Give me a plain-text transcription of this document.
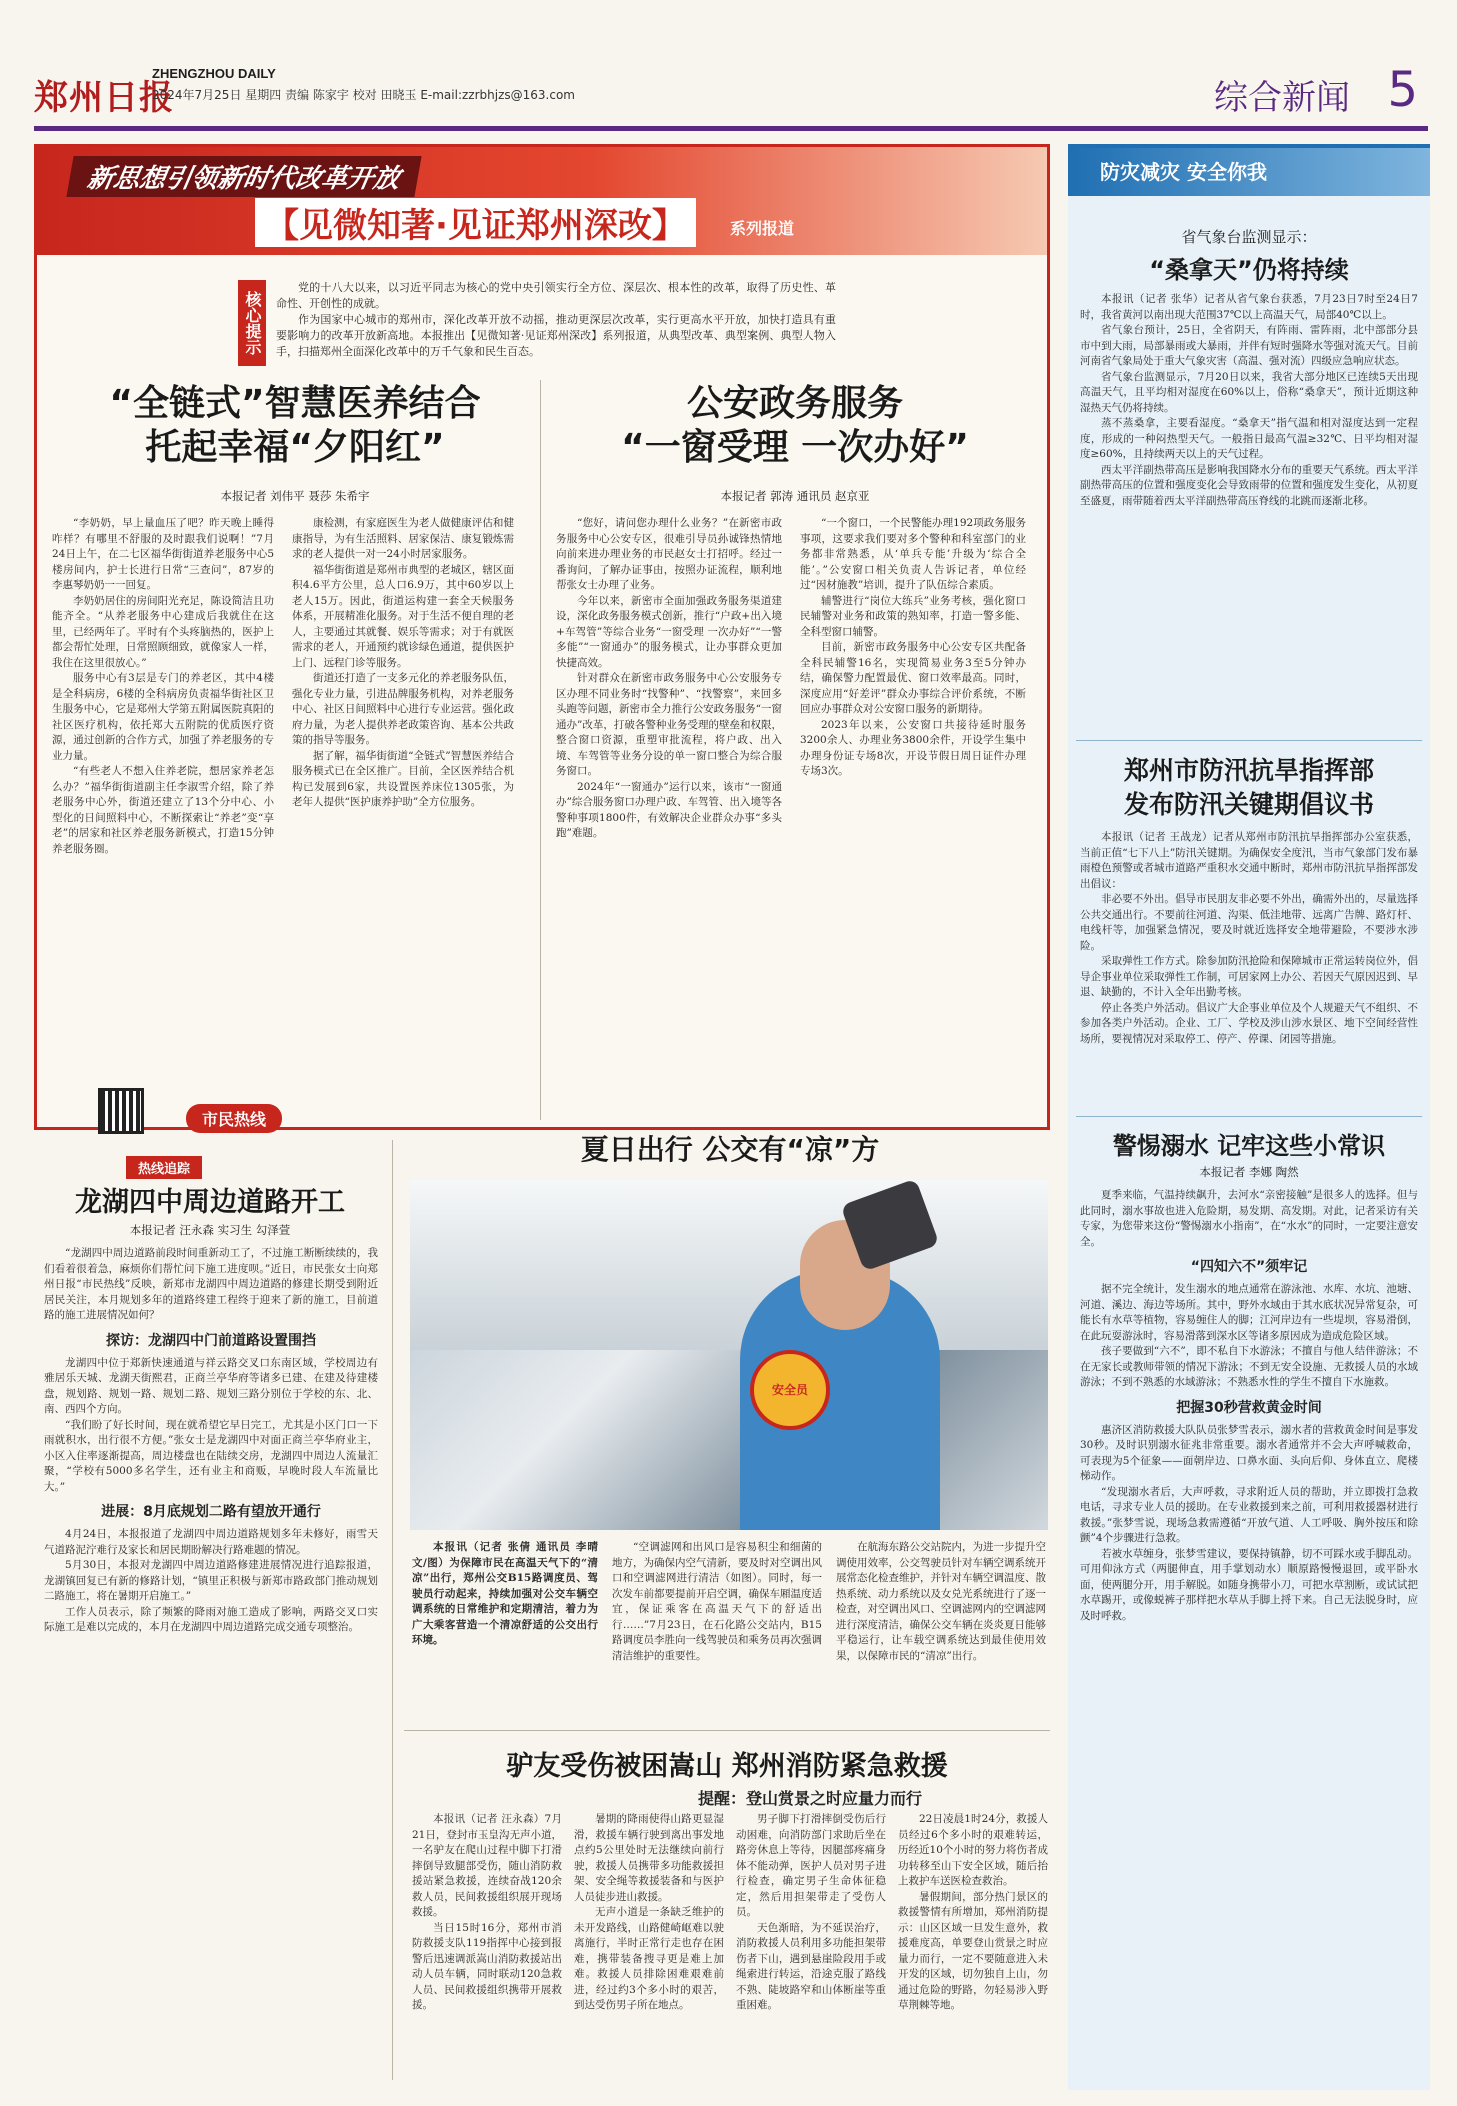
郑州日报
ZHENGZHOU DAILY
2024年7月25日 星期四 责编 陈家宇 校对 田晓玉 E-mail:zzrbhjzs@163.com	综合新闻 5
新思想引领新时代改革开放
【见微知著·见证郑州深改】	系列报道
核心提示

党的十八大以来，以习近平同志为核心的党中央引领实行全方位、深层次、根本性的改革，取得了历史性、革命性、开创性的成就。

作为国家中心城市的郑州市，深化改革开放不动摇，推动更深层次改革，实行更高水平开放，加快打造具有重要影响力的改革开放新高地。本报推出【见微知著·见证郑州深改】系列报道，从典型改革、典型案例、典型人物入手，扫描郑州全面深化改革中的万千气象和民生百态。

“全链式”智慧医养结合
托起幸福“夕阳红”
本报记者 刘伟平 聂莎 朱希宇

“李奶奶，早上量血压了吧？昨天晚上睡得咋样？有哪里不舒服的及时跟我们说啊！”7月24日上午，在二七区福华街街道养老服务中心5楼房间内，护士长进行日常“三查问”，87岁的李惠琴奶奶一一回复。

李奶奶居住的房间阳光充足，陈设简洁且功能齐全。“从养老服务中心建成后我就住在这里，已经两年了。平时有个头疼脑热的，医护上都会帮忙处理，日常照顾细致，就像家人一样，我住在这里很放心。”

服务中心有3层是专门的养老区，其中4楼是全科病房，6楼的全科病房负责福华街社区卫生服务中心，它是郑州大学第五附属医院真阳的社区医疗机构，依托郑大五附院的优质医疗资源，通过创新的合作方式，加强了养老服务的专业力量。

“有些老人不想入住养老院，想居家养老怎么办？”福华街街道副主任李淑雪介绍，除了养老服务中心外，街道还建立了13个分中心、小型化的日间照料中心，不断探索让“养老”变“享老”的居家和社区养老服务新模式，打造15分钟养老服务圈。

康检测，有家庭医生为老人做健康评估和健康指导，为有生活照料、居家保洁、康复锻炼需求的老人提供一对一24小时居家服务。

福华街街道是郑州市典型的老城区，辖区面积4.6平方公里，总人口6.9万，其中60岁以上老人15万。因此，街道运构建一套全天候服务体系，开展精准化服务。对于生活不便自理的老人，主要通过其就餐、娱乐等需求；对于有就医需求的老人，开通预约就诊绿色通道，提供医护上门、远程门诊等服务。

街道还打造了一支多元化的养老服务队伍，强化专业力量，引进品牌服务机构，对养老服务中心、社区日间照料中心进行专业运营。强化政府力量，为老人提供养老政策咨询、基本公共政策的指导等服务。

据了解，福华街街道“全链式”智慧医养结合服务模式已在全区推广。目前，全区医养结合机构已发展到6家，共设置医养床位1305张，为老年人提供“医护康养护助”全方位服务。

公安政务服务
“一窗受理 一次办好”
本报记者 郭涛 通讯员 赵京亚

“您好，请问您办理什么业务？”在新密市政务服务中心公安专区，很难引导员孙诚锋热情地向前来进办理业务的市民赵女士打招呼。经过一番询问，了解办证事由，按照办证流程，顺利地帮张女士办理了业务。

今年以来，新密市全面加强政务服务渠道建设，深化政务服务模式创新，推行“户政+出入境+车驾管”等综合业务“一窗受理 一次办好”“一警多能”“一窗通办”的服务模式，让办事群众更加快捷高效。

针对群众在新密市政务服务中心公安服务专区办理不同业务时“找警种”、“找警察”，来回多头跑等问题，新密市全力推行公安政务服务“一窗通办”改革，打破各警种业务受理的壁垒和权限，整合窗口资源，重塑审批流程，将户政、出入境、车驾管等业务分设的单一窗口整合为综合服务窗口。

2024年“一窗通办”运行以来，该市“一窗通办”综合服务窗口办理户政、车驾管、出入境等各警种事项1800件，有效解决企业群众办事“多头跑”难题。

“一个窗口，一个民警能办理192项政务服务事项，这要求我们要对多个警种和科室部门的业务都非常熟悉，从‘单兵专能’升级为‘综合全能’。”公安窗口相关负责人告诉记者，单位经过“因材施教”培训，提升了队伍综合素质。

辅警进行“岗位大练兵”业务考核，强化窗口民辅警对业务和政策的熟知率，打造一警多能、全科型窗口辅警。

目前，新密市政务服务中心公安专区共配备全科民辅警16名，实现简易业务3至5分钟办结，确保警力配置最优、窗口效率最高。同时，深度应用“好差评”群众办事综合评价系统，不断回应办事群众对公安窗口服务的新期待。

2023年以来，公安窗口共接待延时服务3200余人、办理业务3800余件，开设学生集中办理身份证专场8次，开设节假日周日证件办理专场3次。

市民热线
热线追踪
龙湖四中周边道路开工
本报记者 汪永森 实习生 勾泽萱

“龙湖四中周边道路前段时间重新动工了，不过施工断断续续的，我们看着很着急，麻烦你们帮忙问下施工进度呗。”近日，市民张女士向郑州日报“市民热线”反映，新郑市龙湖四中周边道路的修建长期受到附近居民关注，本月规划多年的道路终建工程终于迎来了新的施工，目前道路的施工进展情况如何？

探访：龙湖四中门前道路设置围挡

龙湖四中位于郑新快速通道与祥云路交叉口东南区域，学校周边有雅居乐天城、龙湖天街熙君，正商兰亭华府等诸多已建、在建及待建楼盘，规划路、规划一路、规划二路、规划三路分别位于学校的东、北、南、西四个方向。

“我们盼了好长时间，现在就希望它早日完工，尤其是小区门口一下雨就积水，出行很不方便。”张女士是龙湖四中对面正商兰亭华府业主，小区入住率逐渐提高，周边楼盘也在陆续交房，龙湖四中周边人流量汇聚，“学校有5000多名学生，还有业主和商贩，早晚时段人车流量比大。”

进展：8月底规划二路有望放开通行

4月24日，本报报道了龙湖四中周边道路规划多年未修好，雨雪天气道路泥泞难行及家长和居民期盼解决行路难题的情况。

5月30日，本报对龙湖四中周边道路修建进展情况进行追踪报道，龙湖镇回复已有新的修路计划，“镇里正积极与新郑市路政部门推动规划二路施工，将在暑期开启施工。”

工作人员表示，除了频繁的降雨对施工造成了影响，两路交叉口实际施工是难以完成的，本月在龙湖四中周边道路完成交通专项整治。

夏日出行 公交有“凉”方
安全员

本报讯（记者 张倩 通讯员 李晴 文/图）为保障市民在高温天气下的“清凉”出行，郑州公交B15路调度员、驾驶员行动起来，持续加强对公交车辆空调系统的日常维护和定期清洁，着力为广大乘客营造一个清凉舒适的公交出行环境。

“空调滤网和出风口是容易积尘和细菌的地方，为确保内空气清新，要及时对空调出风口和空调滤网进行清洁（如图）。同时，每一次发车前都要提前开启空调，确保车厢温度适宜，保证乘客在高温天气下的舒适出行……”7月23日，在石化路公交站内，B15路调度员李胜向一线驾驶员和乘务员再次强调清洁维护的重要性。

在航海东路公交站院内，为进一步提升空调使用效率，公交驾驶员针对车辆空调系统开展常态化检查维护，并针对车辆空调温度、散热系统、动力系统以及女兑光系统进行了逐一检查，对空调出风口、空调滤网内的空调滤网进行深度清洁，确保公交车辆在炎炎夏日能够平稳运行，让车载空调系统达到最佳使用效果，以保障市民的“清凉”出行。

驴友受伤被困嵩山 郑州消防紧急救援
提醒：登山赏景之时应量力而行

本报讯（记者 汪永森）7月21日，登封市玉皇沟无声小道，一名驴友在爬山过程中脚下打滑摔倒导致腿部受伤，随山消防救援站紧急救援，连续奋战120余救人员，民间救援组织展开现场救援。

当日15时16分，郑州市消防救援支队119指挥中心接到报警后迅速调派嵩山消防救援站出动人员车辆，同时联动120急救人员、民间救援组织携带开展救援。

暑期的降雨使得山路更显湿滑，救援车辆行驶到离出事发地点约5公里处时无法继续向前行驶，救援人员携带多功能救援担架、安全绳等救援装备和与医护人员徒步进山救援。

无声小道是一条缺乏维护的未开发路线，山路健崎岖难以驶离施行，半时正常行走也存在困难，携带装备搜寻更是难上加难。救援人员排除困难艰难前进，经过约3个多小时的艰苦，到达受伤男子所在地点。

男子脚下打滑摔倒受伤后行动困难，向消防部门求助后坐在路旁休息上等待，因腿部疼痛身体不能动弹，医护人员对男子进行检查，确定男子生命体征稳定，然后用担架带走了受伤人员。

天色渐暗，为不延误治疗，消防救援人员利用多功能担架带伤者下山，遇到悬崖险段用手或绳索进行转运，沿途克服了路线不熟、陡坡路窄和山体断崖等重重困难。

22日凌晨1时24分，救援人员经过6个多小时的艰难转运，历经近10个小时的努力将伤者成功转移至山下安全区域，随后抬上救护车送医检查救治。

暑假期间，部分热门景区的救援警情有所增加，郑州消防提示：山区区域一旦发生意外，救援难度高，单要登山赏景之时应量力而行，一定不要随意进入未开发的区域，切勿独自上山，勿通过危险的野路，勿轻易涉入野草荆棘等地。

防灾减灾 安全你我
省气象台监测显示：
“桑拿天”仍将持续

本报讯（记者 张华）记者从省气象台获悉，7月23日7时至24日7时，我省黄河以南出现大范围37℃以上高温天气，局部40℃以上。

省气象台预计，25日，全省阴天，有阵雨、雷阵雨，北中部部分县市中到大雨，局部暴雨或大暴雨，并伴有短时强降水等强对流天气。目前河南省气象局处于重大气象灾害（高温、强对流）四级应急响应状态。

省气象台监测显示，7月20日以来，我省大部分地区已连续5天出现高温天气，且平均相对湿度在60%以上，俗称“桑拿天”，预计近期这种湿热天气仍将持续。

蒸不蒸桑拿，主要看湿度。“桑拿天”指气温和相对湿度达到一定程度，形成的一种闷热型天气。一般指日最高气温≥32℃、日平均相对湿度≥60%，且持续两天以上的天气过程。

西太平洋副热带高压是影响我国降水分布的重要天气系统。西太平洋副热带高压的位置和强度变化会导致雨带的位置和强度发生变化，从初夏至盛夏，雨带随着西太平洋副热带高压脊线的北跳而逐渐北移。

郑州市防汛抗旱指挥部
发布防汛关键期倡议书

本报讯（记者 王战龙）记者从郑州市防汛抗旱指挥部办公室获悉，当前正值“七下八上”防汛关键期。为确保安全度汛，当市气象部门发布暴雨橙色预警或者城市道路严重积水交通中断时，郑州市防汛抗旱指挥部发出倡议：

非必要不外出。倡导市民朋友非必要不外出，确需外出的，尽量选择公共交通出行。不要前往河道、沟渠、低洼地带、远离广告牌、路灯杆、电线杆等，加强紧急情况，要及时就近选择安全地带避险，不要涉水涉险。

采取弹性工作方式。除参加防汛抢险和保障城市正常运转岗位外，倡导企事业单位采取弹性工作制，可居家网上办公、若因天气原因迟到、早退、缺勤的，不计入全年出勤考核。

停止各类户外活动。倡议广大企事业单位及个人规避天气不组织、不参加各类户外活动。企业、工厂、学校及涉山涉水景区、地下空间经营性场所，要视情况对采取停工、停产、停课、闭园等措施。

警惕溺水 记牢这些小常识
本报记者 李娜 陶然

夏季来临，气温持续飙升，去河水“亲密接触”是很多人的选择。但与此同时，溺水事故也进入危险期，易发期、高发期。对此，记者采访有关专家，为您带来这份“警惕溺水小指南”，在“水水”的同时，一定要注意安全。

“四知六不”须牢记

据不完全统计，发生溺水的地点通常在游泳池、水库、水坑、池塘、河道、溪边、海边等场所。其中，野外水域由于其水底状况异常复杂，可能长有水草等植物，容易缠住人的脚；江河岸边有一些堤坝，容易滑倒，在此玩耍游泳时，容易滑落到深水区等诸多原因成为造成危险区域。

孩子要做到“六不”，即不私自下水游泳；不擅自与他人结伴游泳；不在无家长或教师带领的情况下游泳；不到无安全设施、无救援人员的水域游泳；不到不熟悉的水域游泳；不熟悉水性的学生不擅自下水施救。

把握30秒营救黄金时间

惠济区消防救援大队队员张梦雪表示，溺水者的营救黄金时间是事发30秒。及时识别溺水征兆非常重要。溺水者通常并不会大声呼喊救命，可表现为5个征象——面朝岸边、口鼻水面、头向后仰、身体直立、爬楼梯动作。

“发现溺水者后，大声呼救，寻求附近人员的帮助，并立即拨打急救电话，寻求专业人员的援助。在专业救援到来之前，可利用救援器材进行救援。”张梦雪说，现场急救需遵循“开放气道、人工呼吸、胸外按压和除颤”4个步骤进行急救。

若被水草缠身，张梦雪建议，要保持镇静，切不可踩水或手脚乱动。可用仰泳方式（两腿伸直，用手掌划动水）顺原路慢慢退回，或平卧水面，使两腿分开，用手解脱。如随身携带小刀，可把水草割断，或试试把水草踢开，或像蜕裤子那样把水草从手脚上捋下来。自己无法脱身时，应及时呼救。
